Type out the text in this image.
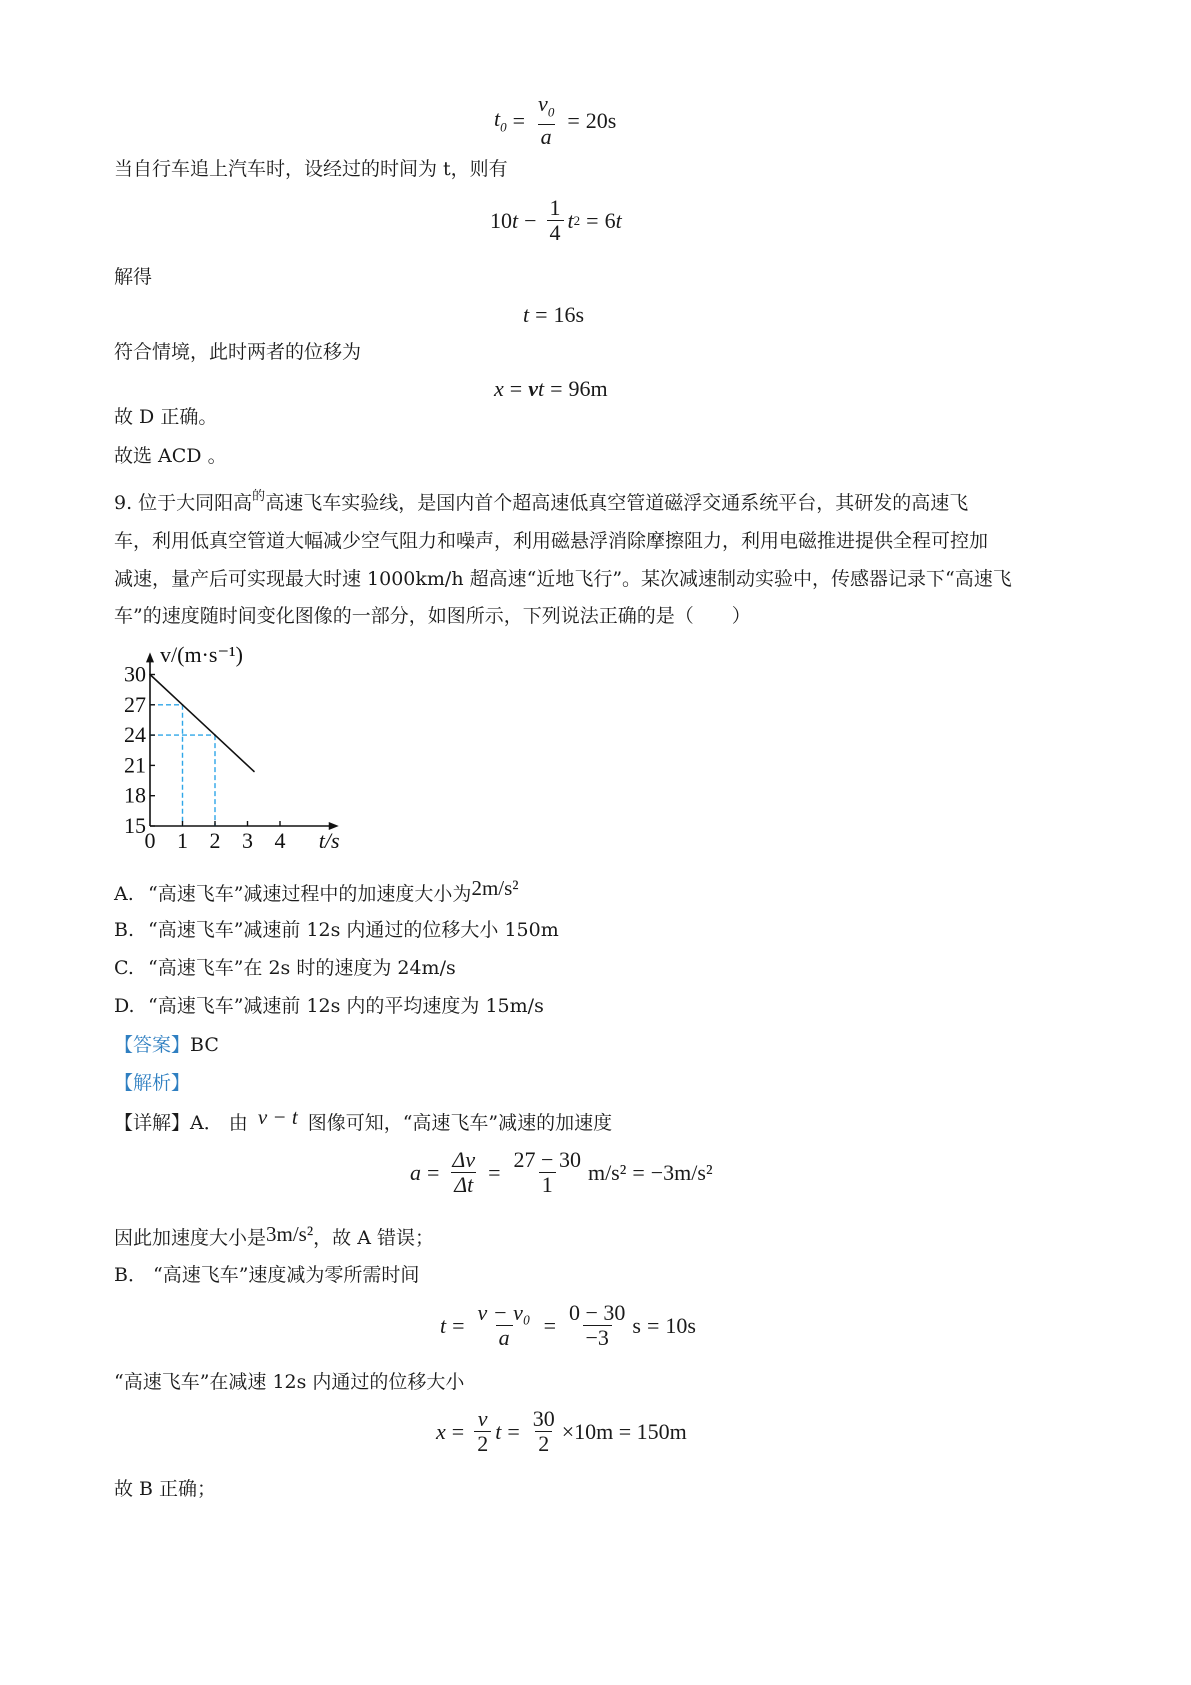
$t_0 = \frac{v_0}{a} = 20s$
当自行车追上汽车时，设经过的时间为 t，则有
10 $t - \frac{1}{4}$ t 2 = 6 t
解得
t = 16s
符合情境，此时两者的位移为
x = v t = 96m
故 D 正确。
故选 ACD 。
9. 位于大同阳高$^的$高速飞车实验线，是国内首个超高速低真空管道磁浮交通系统平台，其研发的高速飞
车，利用低真空管道大幅减少空气阻力和噪声，利用磁悬浮消除摩擦阻力，利用电磁推进提供全程可控加
减速，量产后可实现最大时速 1000km/h 超高速“近地飞行”。某次减速制动实验中，传感器记录下“高速飞
车”的速度随时间变化图像的一部分，如图所示，下列说法正确的是（　　）
0 1 2 3 4
15
18
21
24
27
30
v/(m·s⁻¹)
t/s
A. “高速飞车”减速过程中的加速度大小为2m/s²
B. “高速飞车”减速前 12s 内通过的位移大小 150m
C. “高速飞车”在 2s 时的速度为 24m/s
D. “高速飞车”减速前 12s 内的平均速度为 15m/s
【答案】BC
【解析】
【详解】A． 由 v − t 图像可知，“高速飞车”减速的加速度
$a = \frac{\Delta v}{\Delta t} = \frac{27 - 30}{1} m/s^2 = -3m/s^2$
因此加速度大小是3m/s²，故 A 错误；
B． “高速飞车”速度减为零所需时间
$t = \frac{\text{v − v₀}}{a} = \frac{0 - 30}{-3}$ s = 10s
“高速飞车”在减速 12s 内通过的位移大小
$x = \frac{v}{2}$ $t = \frac{30}{2} \times 10m = 150m$
故 B 正确；
